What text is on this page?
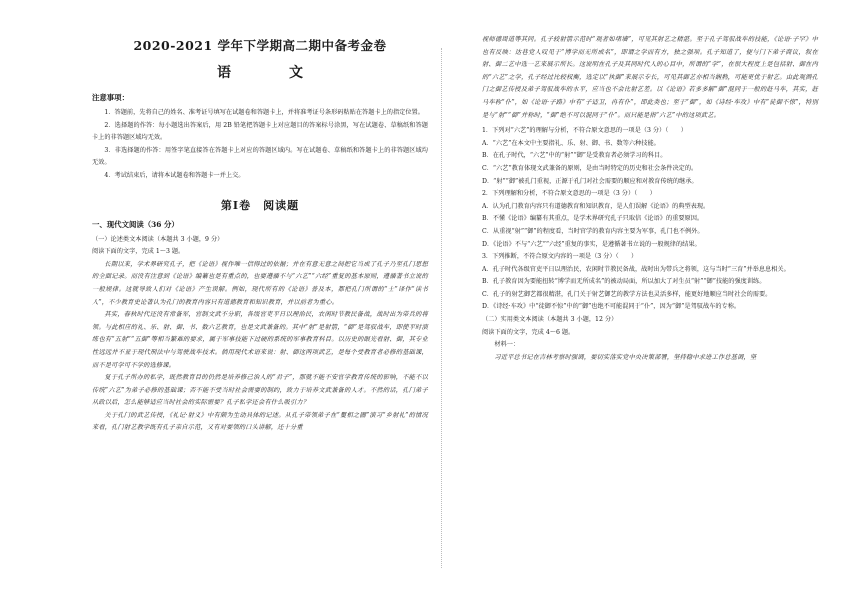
2020-2021 学年下学期高二期中备考金卷
语　文
注意事项：

1．答题前，先将自己的姓名、准考证号填写在试题卷和答题卡上，并将准考证号条形码粘贴在答题卡上的指定位置。

2．选择题的作答：每小题选出答案后，用 2B 铅笔把答题卡上对应题目的答案标号涂黑，写在试题卷、草稿纸和答题卡上的非答题区域均无效。

3．非选择题的作答：用签字笔直接答在答题卡上对应的答题区域内。写在试题卷、草稿纸和答题卡上的非答题区域均无效。

4．考试结束后，请将本试题卷和答题卡一并上交。

第Ⅰ卷　阅读题
一、现代文阅读（36 分）

（一）论述类文本阅读（本题共 3 小题，9 分）

阅读下面的文字，完成 1～3 题。

长期以来，学术界研究孔子，把《论语》视作唯一信得过的依据；并在有意无意之间把它当成了孔子乃至孔门思想的全面记录。而没有注意到《论语》编纂也是有重点的，也要遵循不与“六艺”“六经”重复的基本原则，遵循著书立说的一般规律。这就导致人们对《论语》产生误解。例如，现代所有的《论语》普及本，都把孔门所谓的“士”译作“读书人”，不少教育史论著认为孔门的教育内容只有道德教育和知识教育，并以前者为重心。

其实，春秋时代还没有常备军，官制文武不分职，各级官吏平日以理治民，农闲时节教民备战，战时出为带兵的将领。与此相应的礼、乐、射、御、书、数六艺教育，也是文武兼备的。其中“射”是射箭，“御”是驾驭战车，即使平时演练也有“五射”“五御”等相当繁难的要求，属于军事技能下过硬的系统的军事教育科目。以历史的眼光看射、御，其专业性远远并不亚于现代刑法中与驾驶战车技术。倘用现代术语来说：射、御这两项武艺，是每个受教育者必修的基础课，而不是可学可不学的选修课。

复于孔子所办的私学，既然教育目的仍然是培养修己治人的“君子”，那就不能不安官学教育传统的影响，不能不以传统“六艺”为弟子必修的基础课；否不能不受当时社会需要的制约，致力于培养文武兼备的人才。不然的话，孔门弟子从政以后，怎么能够适应当时社会的实际需要？孔子私学还会有什么吸引力？

关于孔门的武艺传授，《礼记·射义》中有颇为生动具体的记述。从孔子带领弟子在“矍相之圃”演习“乡射礼”的情况来看，孔门射艺教学既有孔子亲自示范，又有对要领的口头讲解，还十分重

视师德周道等其同。孔子较射箭示范时“观者如堵墙”，可见其射艺之精湛。至于孔子驾驭战车的技能，《论语·子罕》中也有反映：达巷党人叹见于“博学而无所成名”，即谓之学而有方，独之强项。孔子知道了，便与门下弟子商议，叙在射、御二艺中选一艺来展示所长。这说明在孔子及其同时代人的心目中，所谓的“学”，在很大程度上是包括射、御在内的“六艺”之学，孔子经过比较权衡，选定以“执御”来展示专长，可见其御艺亦相当娴熟，可能更优于射艺。由此观测孔门之御艺传授及弟子驾驭战车的水平，应当也不会比射艺差。以《论语》若多多解“御”混同于一般的赶马车，其实，赶马车称“仆”，如《论语·子路》中有“子适卫，冉有仆”，即此类也；至于“御”，如《诗经·车攻》中有“徒御不惊”，特别是与“射”“御”并称时，“御”绝不可以混同于“仆”。而只能是指“六艺”中的这项武艺。

1．下列对“六艺”的理解与分析，不符合原文意思的一项是（3 分）（　　）

A．“六艺”在本文中主要指礼、乐、射、御、书、数等六种技能。

B．在孔子时代，“六艺”中的“射”“御”是受教育者必须学习的科目。

C．“六艺”教育体现文武兼备的原则，是由当时特定的历史和社会条件决定的。

D．“射”“御”被孔门重视，正源于孔门对社会需要的顺应和对教育传统的继承。

2．下列理解和分析，不符合原文意思的一项是（3 分）（　　）

A．认为孔门教育内容只有道德教育和知识教育，是人们误解《论语》的典型表现。

B．不懂《论语》编纂有其重点，是学术界研究孔子只取信《论语》的重要原因。

C．从重视“射”“御”的程度看，当时官学的教育内容主要为军事，孔门也不例外。

D．《论语》不与“六艺”“六经”重复的事实，是遵循著书立说的一般规律的结果。

3．下列推断，不符合原文内容的一项是（3 分）（　　）

A．孔子时代各级官吏平日以理治民，农闲时节教民备战，战时出为带兵之将领，这与当时“三育”并举息息相关。

B．孔子教育因为要能扭转“博学而无所成名”的被动局面，所以加大了对生员“射”“御”技能的强度训练。

C．孔子的射艺御艺都很精湛，孔门关于射艺御艺的教学方法也灵活多样，能更好地顺应当时社会的需要。

D．《诗经·车攻》中“徒御不惊”中的“御”也绝不可能混同于“仆”，因为“御”是驾驭战车的专称。

（二）实用类文本阅读（本题共 3 小题，12 分）

阅读下面的文字，完成 4～6 题。

材料一：

习近平总书记在吉林考察时强调，要切实落实党中央决策部署，坚持稳中求进工作总基调，坚
